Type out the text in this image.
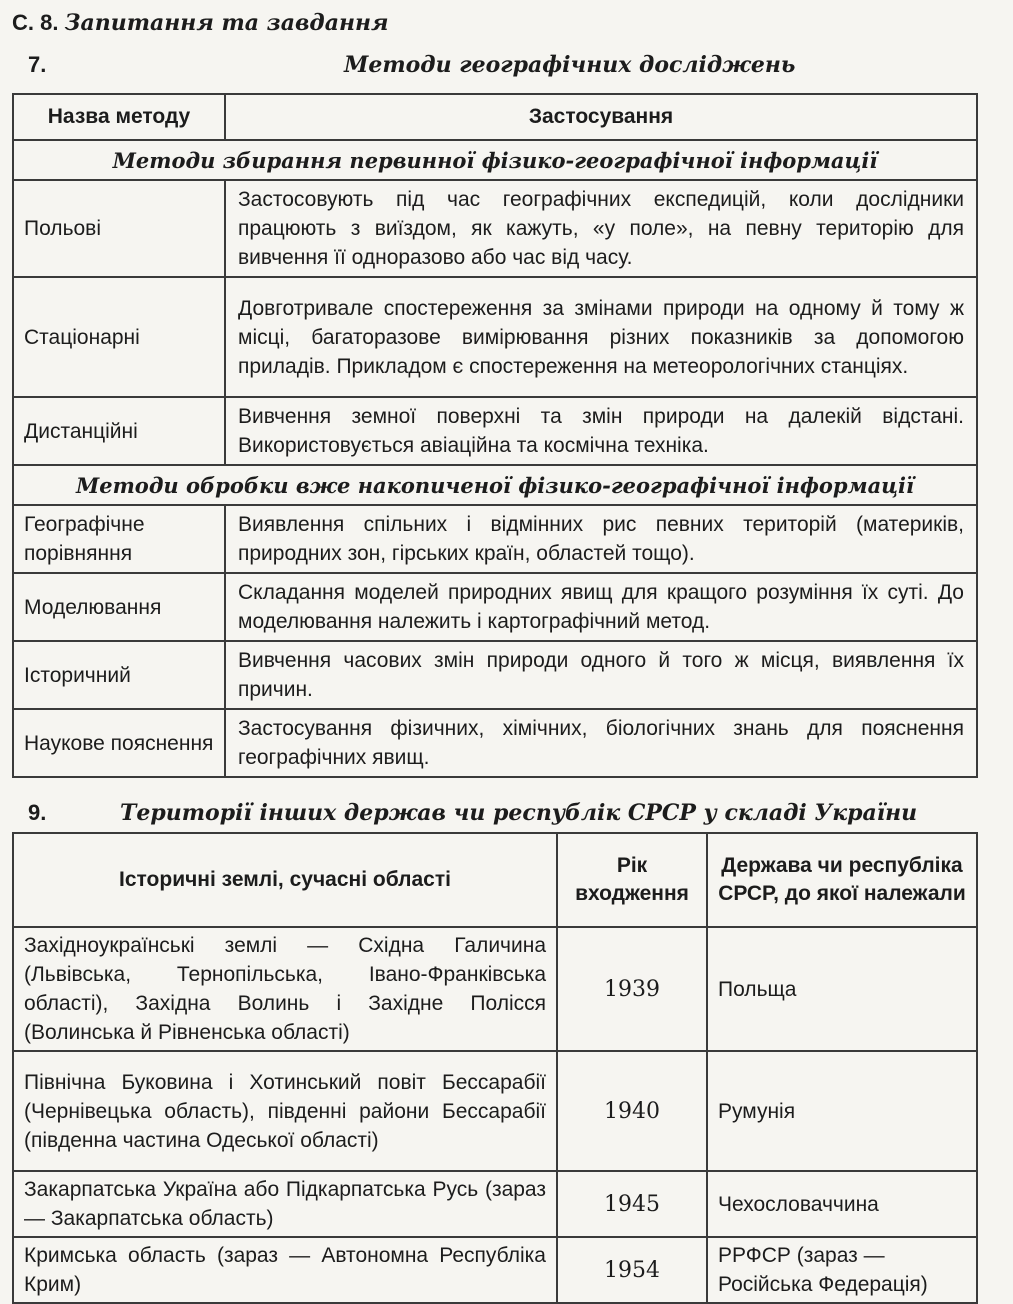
С. 8. Запитання та завдання
7.	Методи географічних досліджень
Назва методу	Застосування
Методи збирання первинної фізико-географічної інформації	
Польові	Застосовують під час географічних експедицій, коли дослідники працюють з виїздом, як кажуть, «у поле», на певну територію для вивчення її одноразово або час від часу.
Стаціонарні	Довготривале спостереження за змінами природи на одному й тому ж місці, багаторазове вимірювання різних показників за допомогою приладів. Прикладом є спостереження на метеорологічних станціях.
Дистанційні	Вивчення земної поверхні та змін природи на далекій відстані. Використовується авіаційна та космічна техніка.
Методи обробки вже накопиченої фізико-географічної інформації	
Географічне порівняння	Виявлення спільних і відмінних рис певних територій (материків, природних зон, гірських країн, областей тощо).
Моделювання	Складання моделей природних явищ для кращого розуміння їх суті. До моделювання належить і картографічний метод.
Історичний	Вивчення часових змін природи одного й того ж місця, виявлення їх причин.
Наукове пояснення	Застосування фізичних, хімічних, біологічних знань для пояснення географічних явищ.
9.	Території інших держав чи республік СРСР у складі України
Історичні землі, сучасні області	Рік входження	Держава чи республіка СРСР, до якої належали
Західноукраїнські землі — Східна Галичина (Львівська, Тернопільська, Івано-Франківська області), Західна Волинь і Західне Полісся (Волинська й Рівненська області)	1939	Польща
Північна Буковина і Хотинський повіт Бессарабії (Чернівецька область), південні райони Бессарабії (південна частина Одеської області)	1940	Румунія
Закарпатська Україна або Підкарпатська Русь (зараз — Закарпатська область)	1945	Чехословаччина
Кримська область (зараз — Автономна Республіка Крим)	1954	РРФСР (зараз — Російська Федерація)
